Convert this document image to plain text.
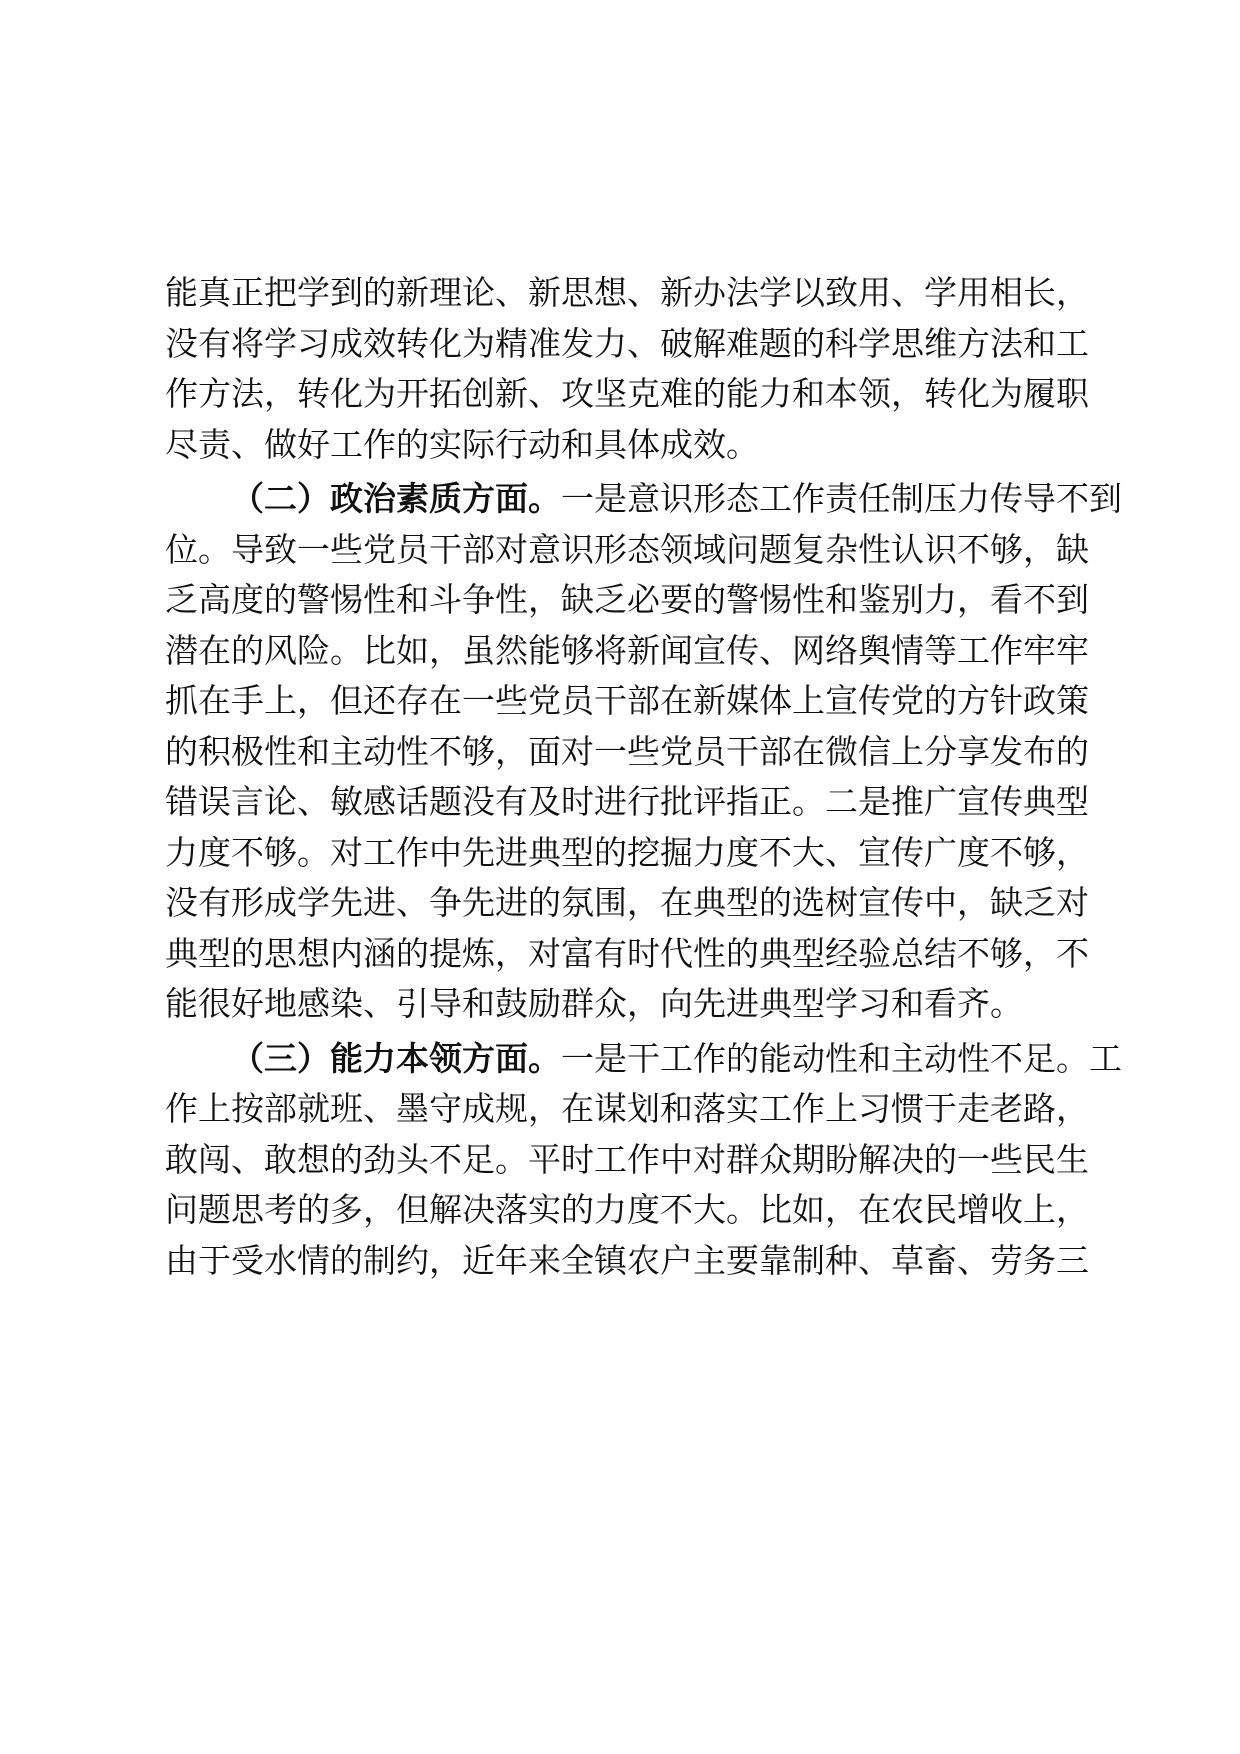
能真正把学到的新理论、新思想、新办法学以致用、学用相长，
没有将学习成效转化为精准发力、破解难题的科学思维方法和工
作方法，转化为开拓创新、攻坚克难的能力和本领，转化为履职
尽责、做好工作的实际行动和具体成效。
（二）政治素质方面。一是意识形态工作责任制压力传导不到
位。导致一些党员干部对意识形态领域问题复杂性认识不够，缺
乏高度的警惕性和斗争性，缺乏必要的警惕性和鉴别力，看不到
潜在的风险。比如，虽然能够将新闻宣传、网络舆情等工作牢牢
抓在手上，但还存在一些党员干部在新媒体上宣传党的方针政策
的积极性和主动性不够，面对一些党员干部在微信上分享发布的
错误言论、敏感话题没有及时进行批评指正。二是推广宣传典型
力度不够。对工作中先进典型的挖掘力度不大、宣传广度不够，
没有形成学先进、争先进的氛围，在典型的选树宣传中，缺乏对
典型的思想内涵的提炼，对富有时代性的典型经验总结不够，不
能很好地感染、引导和鼓励群众，向先进典型学习和看齐。
（三）能力本领方面。一是干工作的能动性和主动性不足。工
作上按部就班、墨守成规，在谋划和落实工作上习惯于走老路，
敢闯、敢想的劲头不足。平时工作中对群众期盼解决的一些民生
问题思考的多，但解决落实的力度不大。比如，在农民增收上，
由于受水情的制约，近年来全镇农户主要靠制种、草畜、劳务三
